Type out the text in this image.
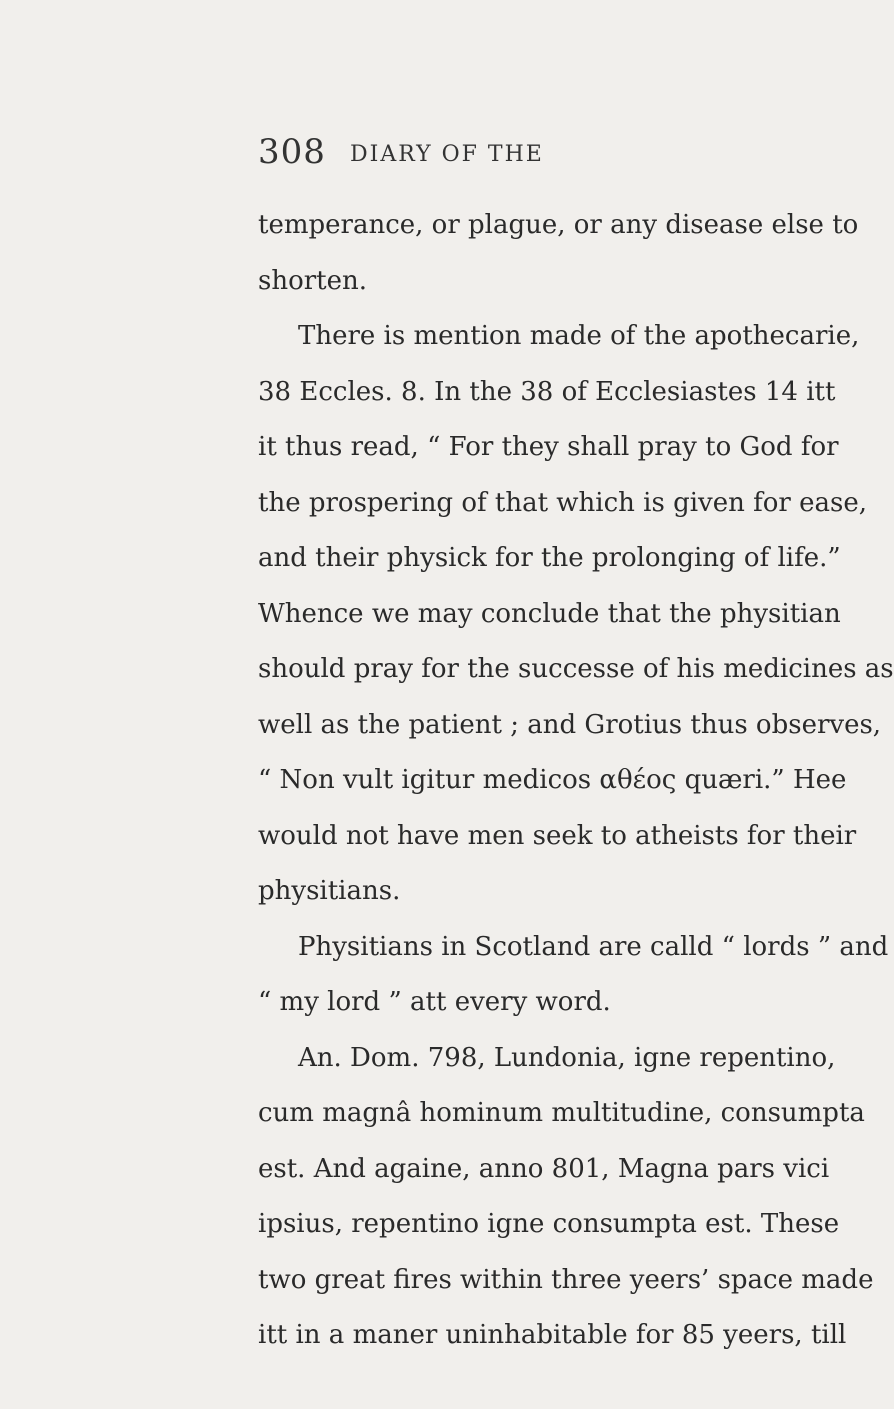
308 DIARY OF THE
temperance, or plague, or any disease else to
shorten.
There is mention made of the apothecarie,
38 Eccles. 8. In the 38 of Ecclesiastes 14 itt
it thus read, “ For they shall pray to God for
the prospering of that which is given for ease,
and their physick for the prolonging of life.”
Whence we may conclude that the physitian
should pray for the successe of his medicines as
well as the patient ; and Grotius thus observes,
“ Non vult igitur medicos αθέος quæri.” Hee
would not have men seek to atheists for their
physitians.
Physitians in Scotland are calld “ lords ” and
“ my lord ” att every word.
An. Dom. 798, Lundonia, igne repentino,
cum magnâ hominum multitudine, consumpta
est. And againe, anno 801, Magna pars vici
ipsius, repentino igne consumpta est. These
two great fires within three yeers’ space made
itt in a maner uninhabitable for 85 yeers, till
